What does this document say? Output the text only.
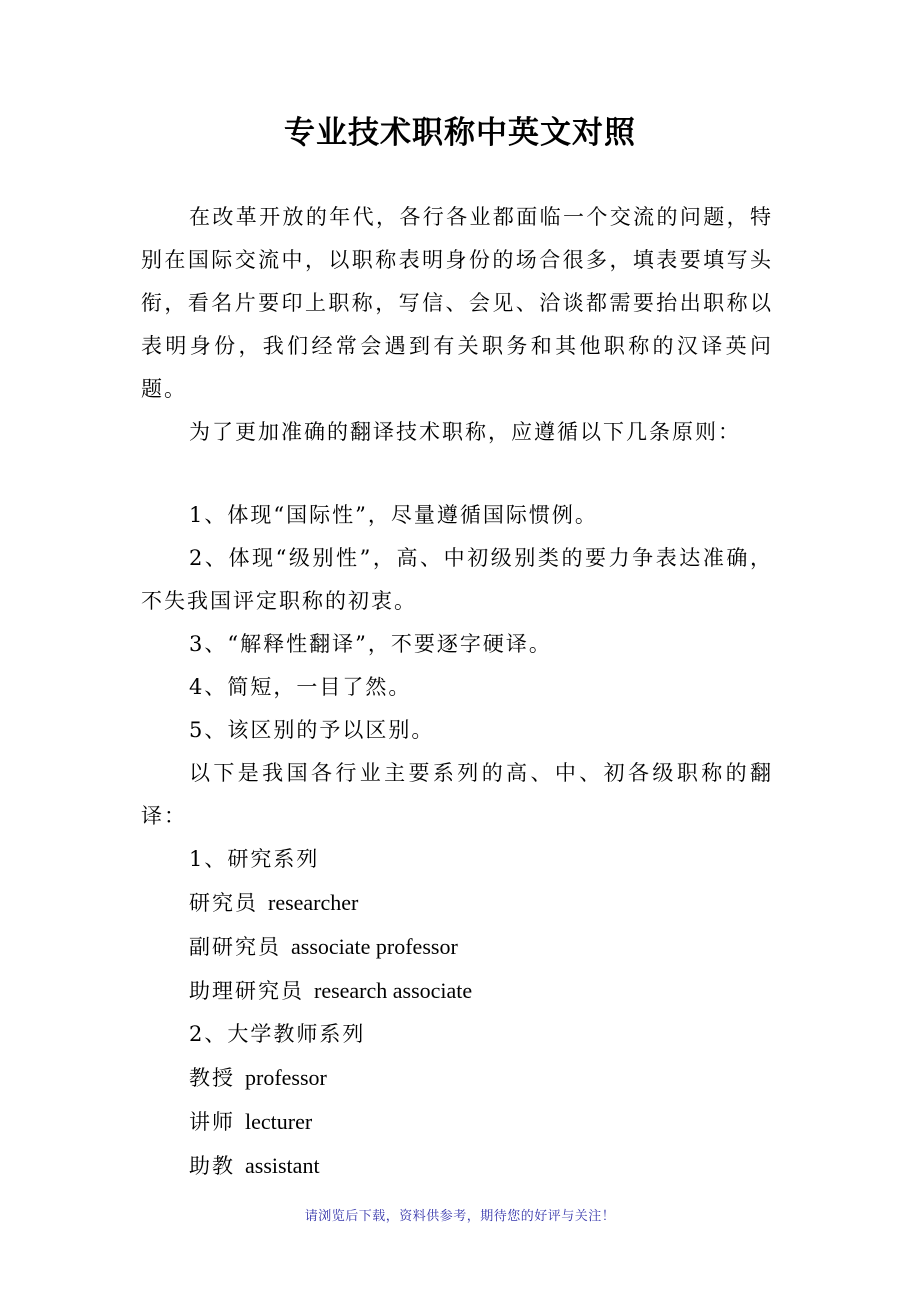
专业技术职称中英文对照

在改革开放的年代，各行各业都面临一个交流的问题，特别在国际交流中，以职称表明身份的场合很多，填表要填写头衔，看名片要印上职称，写信、会见、洽谈都需要抬出职称以表明身份，我们经常会遇到有关职务和其他职称的汉译英问题。

为了更加准确的翻译技术职称，应遵循以下几条原则：

1、体现“国际性”，尽量遵循国际惯例。

2、体现“级别性”，高、中初级别类的要力争表达准确，不失我国评定职称的初衷。

3、“解释性翻译”，不要逐字硬译。

4、简短，一目了然。

5、该区别的予以区别。

以下是我国各行业主要系列的高、中、初各级职称的翻译：

1、研究系列

研究员 researcher

副研究员 associate professor

助理研究员 research associate

2、大学教师系列

教授 professor

讲师 lecturer

助教 assistant

请浏览后下载，资料供参考，期待您的好评与关注！
